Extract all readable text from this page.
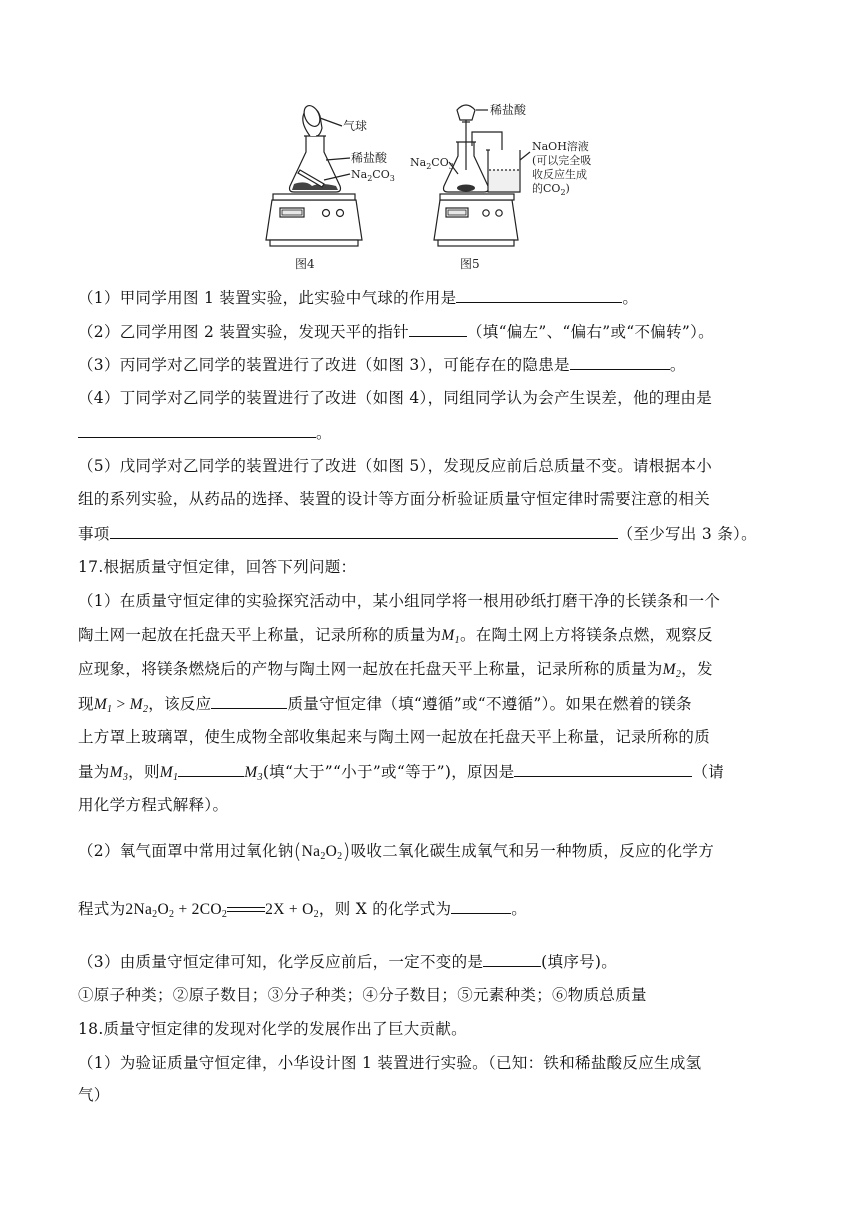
气球
稀盐酸
$Na_2CO_3$
图4
稀盐酸
$Na_2CO_3$
NaOH溶液
(可以完全吸
收反应生成
的$CO_2$)
图5
（1）甲同学用图 1 装置实验，此实验中气球的作用是	。
（2）乙同学用图 2 装置实验，发现天平的指针	（填“偏左”、“偏右”或“不偏转”）。
（3）丙同学对乙同学的装置进行了改进（如图 3），可能存在的隐患是	。
（4）丁同学对乙同学的装置进行了改进（如图 4），同组同学认为会产生误差，他的理由是
。
（5）戊同学对乙同学的装置进行了改进（如图 5），发现反应前后总质量不变。请根据本小
组的系列实验，从药品的选择、装置的设计等方面分析验证质量守恒定律时需要注意的相关
事项	（至少写出 3 条）。
17.根据质量守恒定律，回答下列问题：
（1）在质量守恒定律的实验探究活动中，某小组同学将一根用砂纸打磨干净的长镁条和一个
陶土网一起放在托盘天平上称量，记录所称的质量为$M_1$。在陶土网上方将镁条点燃，观察反
应现象，将镁条燃烧后的产物与陶土网一起放在托盘天平上称量，记录所称的质量为$M_2$，发
现$M_1 > M_2$，该反应	质量守恒定律（填“遵循”或“不遵循”）。如果在燃着的镁条
上方罩上玻璃罩，使生成物全部收集起来与陶土网一起放在托盘天平上称量，记录所称的质
量为$M_3$，则$M_1$	$M_3$(填“大于”“小于”或“等于”)，原因是	（请
用化学方程式解释）。
（2）氧气面罩中常用过氧化钠$(Na_2O_2)$吸收二氧化碳生成氧气和另一种物质，反应的化学方
程式为$2Na_2O_2 + 2CO_2$ $2X + O_2$，则 X 的化学式为	。
（3）由质量守恒定律可知，化学反应前后，一定不变的是	(填序号)。
①原子种类；②原子数目；③分子种类；④分子数目；⑤元素种类；⑥物质总质量
18.质量守恒定律的发现对化学的发展作出了巨大贡献。
（1）为验证质量守恒定律，小华设计图 1 装置进行实验。（已知：铁和稀盐酸反应生成氢
气）
